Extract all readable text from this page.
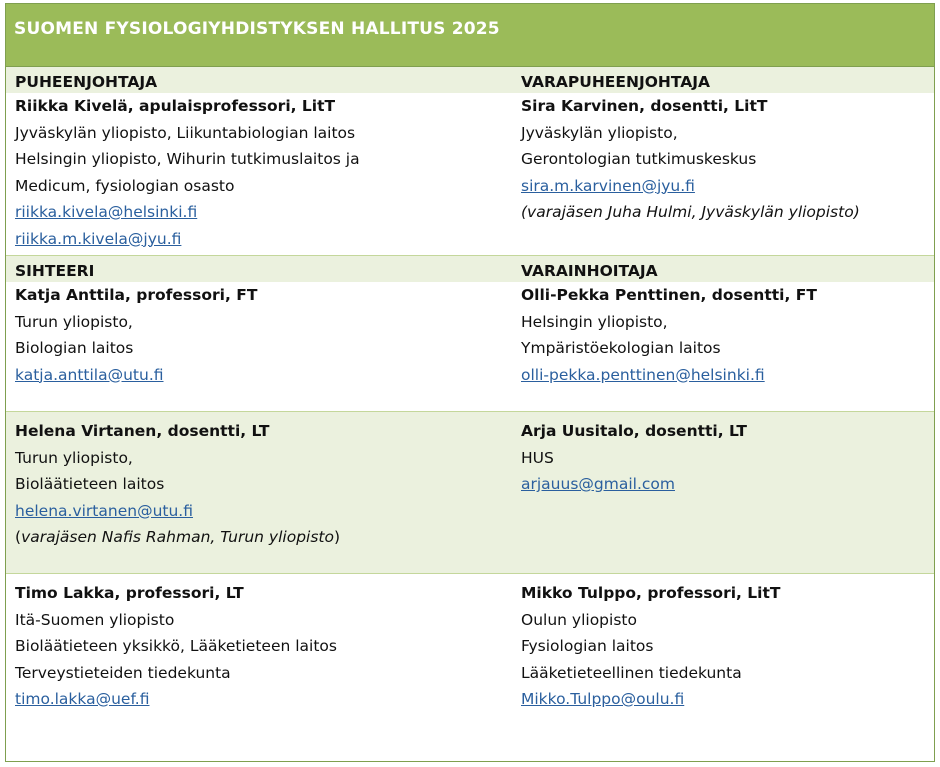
SUOMEN FYSIOLOGIYHDISTYKSEN HALLITUS 2025
PUHEENJOHTAJA	VARAPUHEENJOHTAJA
Riikka Kivelä, apulaisprofessori, LitT
Jyväskylän yliopisto, Liikuntabiologian laitos
Helsingin yliopisto, Wihurin tutkimuslaitos ja
Medicum, fysiologian osasto
riikka.kivela@helsinki.fi
riikka.m.kivela@jyu.fi
Sira Karvinen, dosentti, LitT
Jyväskylän yliopisto,
Gerontologian tutkimuskeskus
sira.m.karvinen@jyu.fi
(varajäsen Juha Hulmi, Jyväskylän yliopisto)
SIHTEERI	VARAINHOITAJA
Katja Anttila, professori, FT
Turun yliopisto,
Biologian laitos
katja.anttila@utu.fi
Olli-Pekka Penttinen, dosentti, FT
Helsingin yliopisto,
Ympäristöekologian laitos
olli-pekka.penttinen@helsinki.fi
Helena Virtanen, dosentti, LT
Turun yliopisto,
Bioläätieteen laitos
helena.virtanen@utu.fi
(varajäsen Nafis Rahman, Turun yliopisto)
Arja Uusitalo, dosentti, LT
HUS
arjauus@gmail.com
Timo Lakka, professori, LT
Itä-Suomen yliopisto
Bioläätieteen yksikkö, Lääketieteen laitos
Terveystieteiden tiedekunta
timo.lakka@uef.fi
Mikko Tulppo, professori, LitT
Oulun yliopisto
Fysiologian laitos
Lääketieteellinen tiedekunta
Mikko.Tulppo@oulu.fi
